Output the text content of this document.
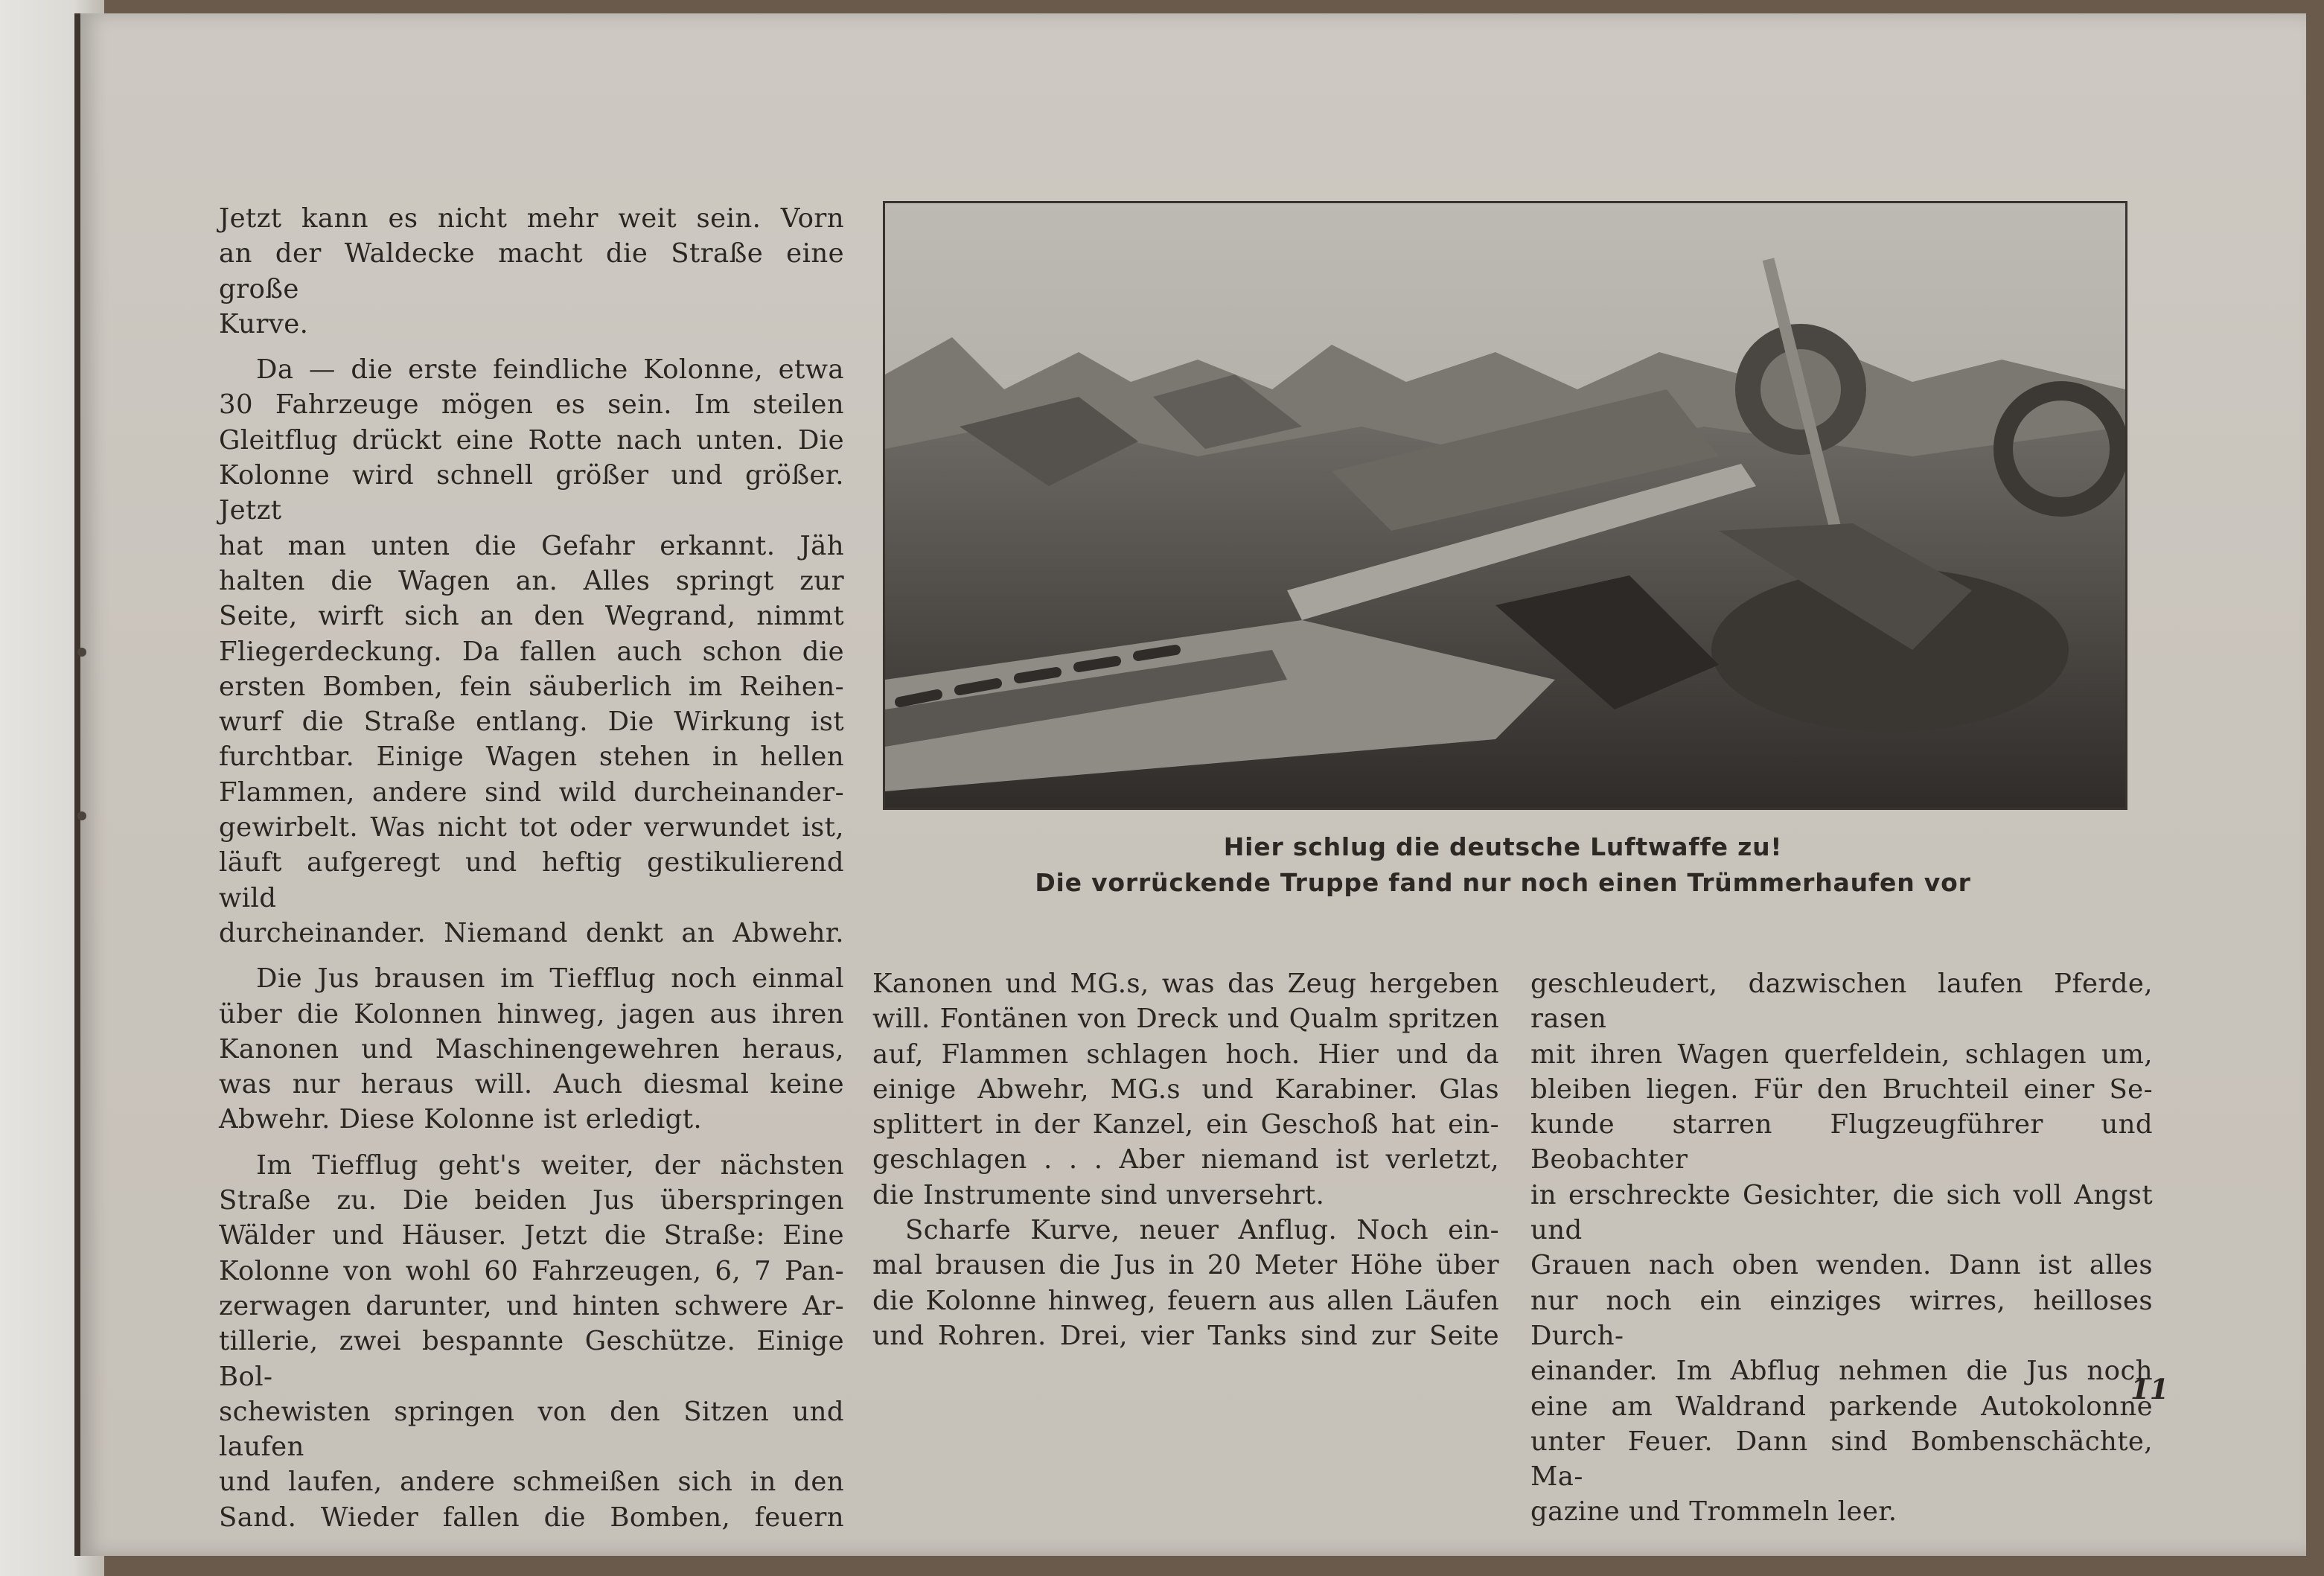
Jetzt kann es nicht mehr weit sein. Vorn
an der Waldecke macht die Straße eine große
Kurve.

Da — die erste feindliche Kolonne, etwa
30 Fahrzeuge mögen es sein. Im steilen
Gleitflug drückt eine Rotte nach unten. Die
Kolonne wird schnell größer und größer. Jetzt
hat man unten die Gefahr erkannt. Jäh
halten die Wagen an. Alles springt zur
Seite, wirft sich an den Wegrand, nimmt
Fliegerdeckung. Da fallen auch schon die
ersten Bomben, fein säuberlich im Reihen-
wurf die Straße entlang. Die Wirkung ist
furchtbar. Einige Wagen stehen in hellen
Flammen, andere sind wild durcheinander-
gewirbelt. Was nicht tot oder verwundet ist,
läuft aufgeregt und heftig gestikulierend wild
durcheinander. Niemand denkt an Abwehr.

Die Jus brausen im Tiefflug noch einmal
über die Kolonnen hinweg, jagen aus ihren
Kanonen und Maschinengewehren heraus,
was nur heraus will. Auch diesmal keine
Abwehr. Diese Kolonne ist erledigt.

Im Tiefflug geht's weiter, der nächsten
Straße zu. Die beiden Jus überspringen
Wälder und Häuser. Jetzt die Straße: Eine
Kolonne von wohl 60 Fahrzeugen, 6, 7 Pan-
zerwagen darunter, und hinten schwere Ar-
tillerie, zwei bespannte Geschütze. Einige Bol-
schewisten springen von den Sitzen und laufen
und laufen, andere schmeißen sich in den
Sand. Wieder fallen die Bomben, feuern

Hier schlug die deutsche Luftwaffe zu!
Die vorrückende Truppe fand nur noch einen Trümmerhaufen vor

Kanonen und MG.s, was das Zeug hergeben
will. Fontänen von Dreck und Qualm spritzen
auf, Flammen schlagen hoch. Hier und da
einige Abwehr, MG.s und Karabiner. Glas
splittert in der Kanzel, ein Geschoß hat ein-
geschlagen . . . Aber niemand ist verletzt,
die Instrumente sind unversehrt.

Scharfe Kurve, neuer Anflug. Noch ein-
mal brausen die Jus in 20 Meter Höhe über
die Kolonne hinweg, feuern aus allen Läufen
und Rohren. Drei, vier Tanks sind zur Seite

geschleudert, dazwischen laufen Pferde, rasen
mit ihren Wagen querfeldein, schlagen um,
bleiben liegen. Für den Bruchteil einer Se-
kunde starren Flugzeugführer und Beobachter
in erschreckte Gesichter, die sich voll Angst und
Grauen nach oben wenden. Dann ist alles
nur noch ein einziges wirres, heilloses Durch-
einander. Im Abflug nehmen die Jus noch
eine am Waldrand parkende Autokolonne
unter Feuer. Dann sind Bombenschächte, Ma-
gazine und Trommeln leer.

11
